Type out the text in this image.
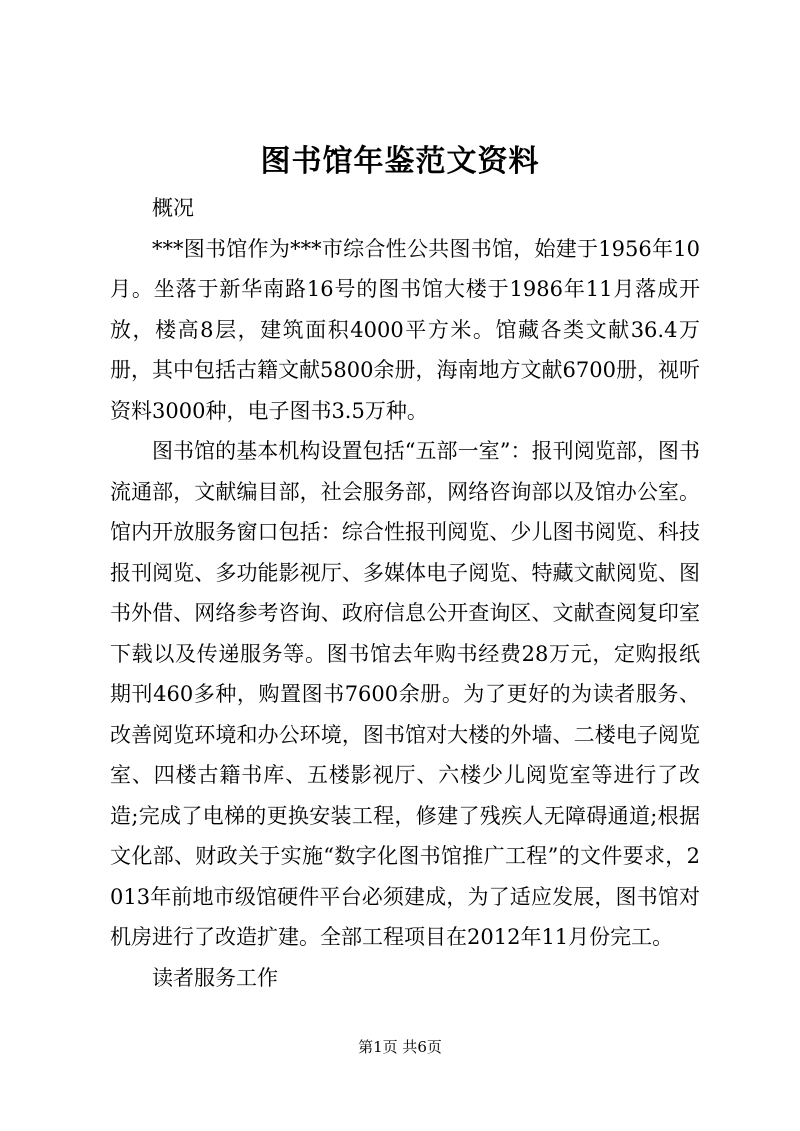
图书馆年鉴范文资料

概况

***图书馆作为***市综合性公共图书馆，始建于1956年10月。坐落于新华南路16号的图书馆大楼于1986年11月落成开放，楼高8层，建筑面积4000平方米。馆藏各类文献36.4万册，其中包括古籍文献5800余册，海南地方文献6700册，视听资料3000种，电子图书3.5万种。

图书馆的基本机构设置包括“五部一室”：报刊阅览部，图书流通部，文献编目部，社会服务部，网络咨询部以及馆办公室。馆内开放服务窗口包括：综合性报刊阅览、少儿图书阅览、科技报刊阅览、多功能影视厅、多媒体电子阅览、特藏文献阅览、图书外借、网络参考咨询、政府信息公开查询区、文献查阅复印室下载以及传递服务等。图书馆去年购书经费28万元，定购报纸期刊460多种，购置图书7600余册。为了更好的为读者服务、改善阅览环境和办公环境，图书馆对大楼的外墙、二楼电子阅览室、四楼古籍书库、五楼影视厅、六楼少儿阅览室等进行了改造;完成了电梯的更换安装工程，修建了残疾人无障碍通道;根据文化部、财政关于实施“数字化图书馆推广工程”的文件要求，2013年前地市级馆硬件平台必须建成，为了适应发展，图书馆对机房进行了改造扩建。全部工程项目在2012年11月份完工。

读者服务工作

第1页 共6页
